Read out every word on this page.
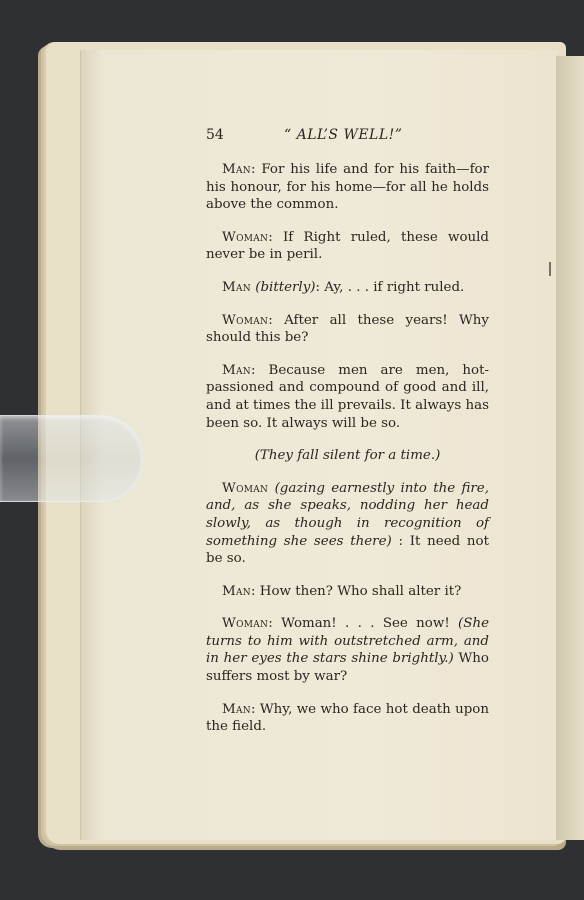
54	“ ALL’S WELL!”

Man: For his life and for his faith—for his honour, for his home—for all he holds above the common.

Woman: If Right ruled, these would never be in peril.

Man (bitterly): Ay, . . . if right ruled.

Woman: After all these years! Why should this be?

Man: Because men are men, hot-passioned and compound of good and ill, and at times the ill prevails. It always has been so. It always will be so.

(They fall silent for a time.)

Woman (gazing earnestly into the fire, and, as she speaks, nodding her head slowly, as though in recognition of something she sees there) : It need not be so.

Man: How then? Who shall alter it?

Woman: Woman! . . . See now! (She turns to him with outstretched arm, and in her eyes the stars shine brightly.) Who suffers most by war?

Man: Why, we who face hot death upon the field.
